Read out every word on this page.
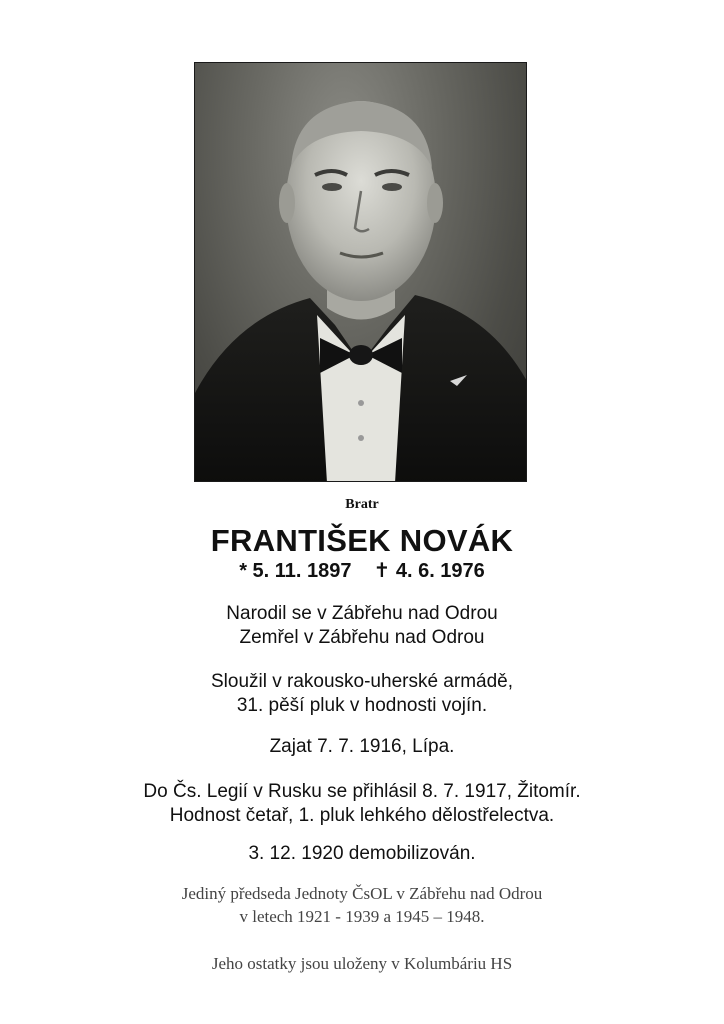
Bratr
FRANTIŠEK NOVÁK
* 5. 11. 1897 ✝ 4. 6. 1976
Narodil se v Zábřehu nad Odrou
Zemřel v Zábřehu nad Odrou
Sloužil v rakousko-uherské armádě,
31. pěší pluk v hodnosti vojín.
Zajat 7. 7. 1916, Lípa.
Do Čs. Legií v Rusku se přihlásil 8. 7. 1917, Žitomír.
Hodnost četař, 1. pluk lehkého dělostřelectva.
3. 12. 1920 demobilizován.
Jediný předseda Jednoty ČsOL v Zábřehu nad Odrou
v letech 1921 - 1939 a 1945 – 1948.
Jeho ostatky jsou uloženy v Kolumbáriu HS
